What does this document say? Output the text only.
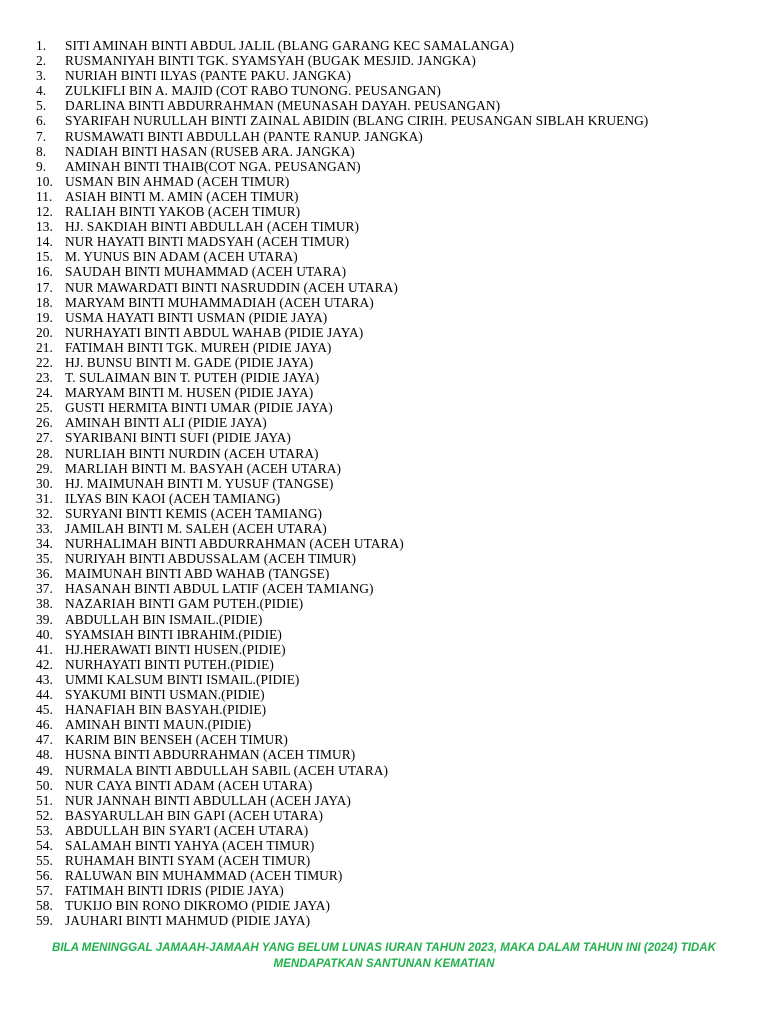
1.	SITI AMINAH BINTI ABDUL JALIL (BLANG GARANG KEC SAMALANGA)
2.	RUSMANIYAH BINTI TGK. SYAMSYAH (BUGAK MESJID. JANGKA)
3.	NURIAH BINTI ILYAS (PANTE PAKU. JANGKA)
4.	ZULKIFLI BIN A. MAJID (COT RABO TUNONG. PEUSANGAN)
5.	DARLINA BINTI ABDURRAHMAN (MEUNASAH DAYAH. PEUSANGAN)
6.	SYARIFAH NURULLAH BINTI ZAINAL ABIDIN (BLANG CIRIH. PEUSANGAN SIBLAH KRUENG)
7.	RUSMAWATI BINTI ABDULLAH (PANTE RANUP. JANGKA)
8.	NADIAH BINTI HASAN (RUSEB ARA. JANGKA)
9.	AMINAH BINTI THAIB(COT NGA. PEUSANGAN)
10. USMAN BIN AHMAD (ACEH TIMUR)
11. ASIAH BINTI M. AMIN (ACEH TIMUR)
12. RALIAH BINTI YAKOB (ACEH TIMUR)
13. HJ. SAKDIAH BINTI ABDULLAH (ACEH TIMUR)
14. NUR HAYATI BINTI MADSYAH (ACEH TIMUR)
15. M. YUNUS BIN ADAM (ACEH UTARA)
16. SAUDAH BINTI MUHAMMAD (ACEH UTARA)
17. NUR MAWARDATI BINTI NASRUDDIN (ACEH UTARA)
18. MARYAM BINTI MUHAMMADIAH (ACEH UTARA)
19. USMA HAYATI BINTI USMAN (PIDIE JAYA)
20. NURHAYATI BINTI ABDUL WAHAB (PIDIE JAYA)
21. FATIMAH BINTI TGK. MUREH (PIDIE JAYA)
22. HJ. BUNSU BINTI M. GADE (PIDIE JAYA)
23. T. SULAIMAN BIN T. PUTEH (PIDIE JAYA)
24. MARYAM BINTI M. HUSEN (PIDIE JAYA)
25. GUSTI HERMITA BINTI UMAR (PIDIE JAYA)
26. AMINAH BINTI ALI (PIDIE JAYA)
27. SYARIBANI BINTI SUFI (PIDIE JAYA)
28. NURLIAH BINTI NURDIN (ACEH UTARA)
29. MARLIAH BINTI M. BASYAH (ACEH UTARA)
30. HJ. MAIMUNAH BINTI M. YUSUF (TANGSE)
31. ILYAS BIN KAOI (ACEH TAMIANG)
32. SURYANI BINTI KEMIS (ACEH TAMIANG)
33. JAMILAH BINTI M. SALEH (ACEH UTARA)
34. NURHALIMAH BINTI ABDURRAHMAN (ACEH UTARA)
35. NURIYAH BINTI ABDUSSALAM (ACEH TIMUR)
36. MAIMUNAH BINTI ABD WAHAB (TANGSE)
37. HASANAH BINTI ABDUL LATIF (ACEH TAMIANG)
38. NAZARIAH BINTI GAM PUTEH.(PIDIE)
39. ABDULLAH BIN ISMAIL.(PIDIE)
40. SYAMSIAH BINTI IBRAHIM.(PIDIE)
41. HJ.HERAWATI BINTI HUSEN.(PIDIE)
42. NURHAYATI BINTI PUTEH.(PIDIE)
43. UMMI KALSUM BINTI ISMAIL.(PIDIE)
44. SYAKUMI BINTI USMAN.(PIDIE)
45. HANAFIAH BIN BASYAH.(PIDIE)
46. AMINAH BINTI MAUN.(PIDIE)
47. KARIM BIN BENSEH (ACEH TIMUR)
48. HUSNA BINTI ABDURRAHMAN (ACEH TIMUR)
49. NURMALA BINTI ABDULLAH SABIL (ACEH UTARA)
50. NUR CAYA BINTI ADAM (ACEH UTARA)
51. NUR JANNAH BINTI ABDULLAH (ACEH JAYA)
52. BASYARULLAH BIN GAPI (ACEH UTARA)
53. ABDULLAH BIN SYAR'I (ACEH UTARA)
54. SALAMAH BINTI YAHYA (ACEH TIMUR)
55. RUHAMAH BINTI SYAM (ACEH TIMUR)
56. RALUWAN BIN MUHAMMAD (ACEH TIMUR)
57. FATIMAH BINTI IDRIS (PIDIE JAYA)
58. TUKIJO BIN RONO DIKROMO (PIDIE JAYA)
59. JAUHARI BINTI MAHMUD (PIDIE JAYA)
BILA MENINGGAL JAMAAH-JAMAAH YANG BELUM LUNAS IURAN TAHUN 2023, MAKA DALAM TAHUN INI (2024) TIDAK
MENDAPATKAN SANTUNAN KEMATIAN
